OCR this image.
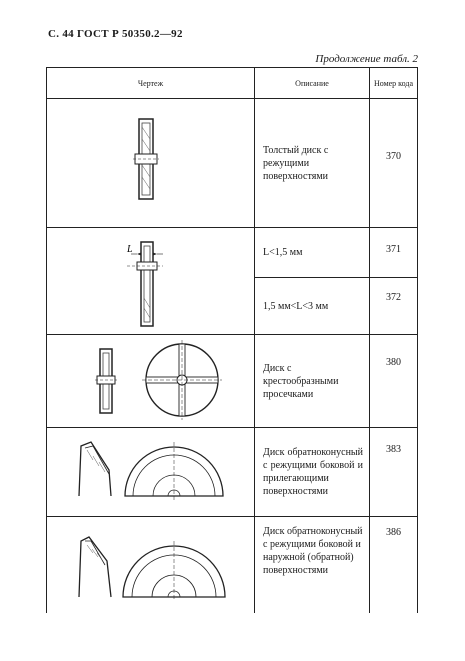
С. 44 ГОСТ Р 50350.2—92
Продолжение табл. 2
Чертеж	Описание	Номер кода

	Толстый диск с режущими поверхностями	370

L	L<1,5 мм	371

	1,5 мм<L<3 мм	372

	Диск с крестообразными просечками	380

	Диск обратноконусный с режущими боковой и прилегающими поверхностями	383

	Диск обратноконусный с режущими боковой и наружной (обратной) поверхностями	386
